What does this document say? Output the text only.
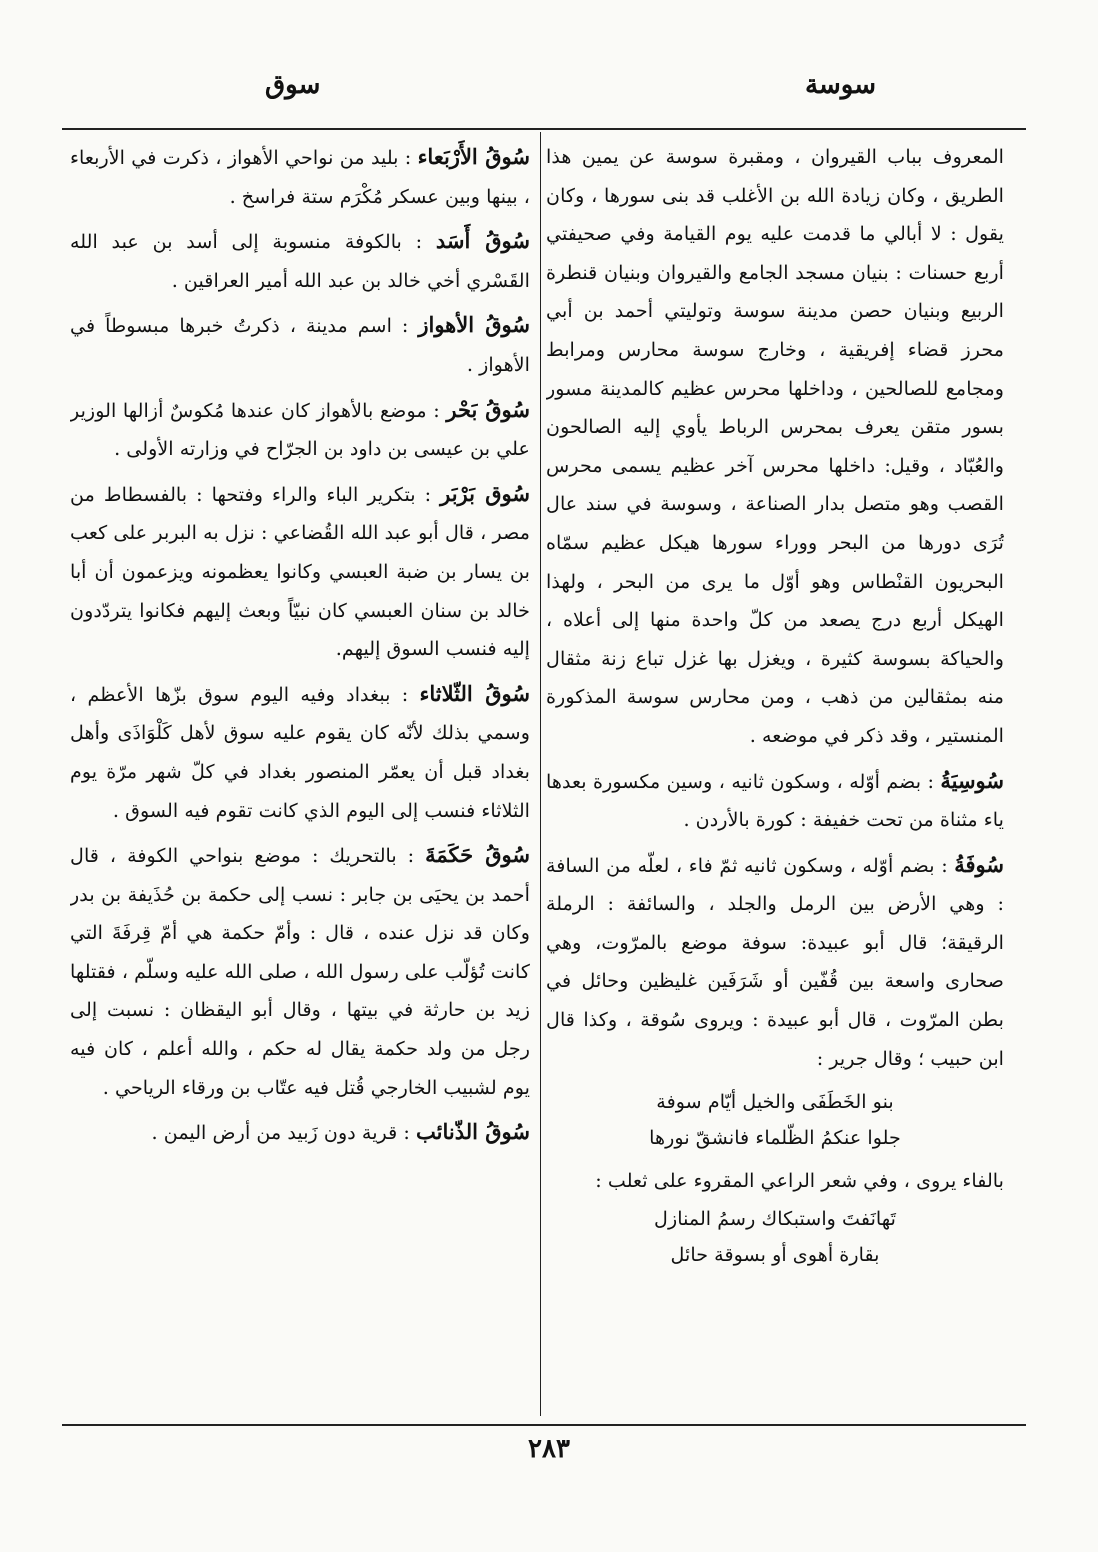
سوسة
سوق

المعروف بباب القيروان ، ومقبرة سوسة عن يمين هذا الطريق ، وكان زيادة الله بن الأغلب قد بنى سورها ، وكان يقول : لا أبالي ما قدمت عليه يوم القيامة وفي صحيفتي أربع حسنات : بنيان مسجد الجامع والقيروان وبنيان قنطرة الربيع وبنيان حصن مدينة سوسة وتوليتي أحمد بن أبي محرز قضاء إفريقية ، وخارج سوسة محارس ومرابط ومجامع للصالحين ، وداخلها محرس عظيم كالمدينة مسور بسور متقن يعرف بمحرس الرباط يأوي إليه الصالحون والعُبّاد ، وقيل: داخلها محرس آخر عظيم يسمى محرس القصب وهو متصل بدار الصناعة ، وسوسة في سند عال تُرَى دورها من البحر ووراء سورها هيكل عظيم سمّاه البحريون القنْطاس وهو أوّل ما يرى من البحر ، ولهذا الهيكل أربع درج يصعد من كلّ واحدة منها إلى أعلاه ، والحياكة بسوسة كثيرة ، ويغزل بها غزل تباع زنة مثقال منه بمثقالين من ذهب ، ومن محارس سوسة المذكورة المنستير ، وقد ذكر في موضعه .

سُوسِيَةُ : بضم أوّله ، وسكون ثانيه ، وسين مكسورة بعدها ياء مثناة من تحت خفيفة : كورة بالأردن .

سُوفَةُ : بضم أوّله ، وسكون ثانيه ثمّ فاء ، لعلّه من السافة : وهي الأرض بين الرمل والجلد ، والسائفة : الرملة الرقيقة؛ قال أبو عبيدة: سوفة موضع بالمرّوت، وهي صحارى واسعة بين قُفّين أو شَرَفَين غليظين وحائل في بطن المرّوت ، قال أبو عبيدة : ويروى سُوقة ، وكذا قال ابن حبيب ؛ وقال جرير :

بنو الخَطَفَى والخيل أيّام سوفة
جلوا عنكمُ الظّلماء فانشقّ نورها

بالفاء يروى ، وفي شعر الراعي المقروء على ثعلب :

تَهانَفتَ واستبكاك رسمُ المنازل
بقارة أهوى أو بسوقة حائل

سُوقُ الأَرْبَعاء : بليد من نواحي الأهواز ، ذكرت في الأربعاء ، بينها وبين عسكر مُكْرَم ستة فراسخ .

سُوقُ أَسَد : بالكوفة منسوبة إلى أسد بن عبد الله القَسْري أخي خالد بن عبد الله أمير العراقين .

سُوقُ الأهواز : اسم مدينة ، ذكرتُ خبرها مبسوطاً في الأهواز .

سُوقُ بَحْر : موضع بالأهواز كان عندها مُكوسٌ أزالها الوزير علي بن عيسى بن داود بن الجرّاح في وزارته الأولى .

سُوق بَرْبَر : بتكرير الباء والراء وفتحها : بالفسطاط من مصر ، قال أبو عبد الله القُضاعي : نزل به البربر على كعب بن يسار بن ضبة العبسي وكانوا يعظمونه ويزعمون أن أبا خالد بن سنان العبسي كان نبيّاً وبعث إليهم فكانوا يتردّدون إليه فنسب السوق إليهم.

سُوقُ الثّلاثاء : ببغداد وفيه اليوم سوق بزّها الأعظم ، وسمي بذلك لأنّه كان يقوم عليه سوق لأهل كَلْوَاذَى وأهل بغداد قبل أن يعمّر المنصور بغداد في كلّ شهر مرّة يوم الثلاثاء فنسب إلى اليوم الذي كانت تقوم فيه السوق .

سُوقُ حَكَمَةَ : بالتحريك : موضع بنواحي الكوفة ، قال أحمد بن يحيَى بن جابر : نسب إلى حكمة بن حُذَيفة بن بدر وكان قد نزل عنده ، قال : وأمّ حكمة هي أمّ قِرفَةَ التي كانت تُؤلّب على رسول الله ، صلى الله عليه وسلّم ، فقتلها زيد بن حارثة في بيتها ، وقال أبو اليقظان : نسبت إلى رجل من ولد حكمة يقال له حكم ، والله أعلم ، كان فيه يوم لشبيب الخارجي قُتل فيه عتّاب بن ورقاء الرياحي .

سُوقُ الذّنائب : قرية دون زَبيد من أرض اليمن .

٢٨٣
